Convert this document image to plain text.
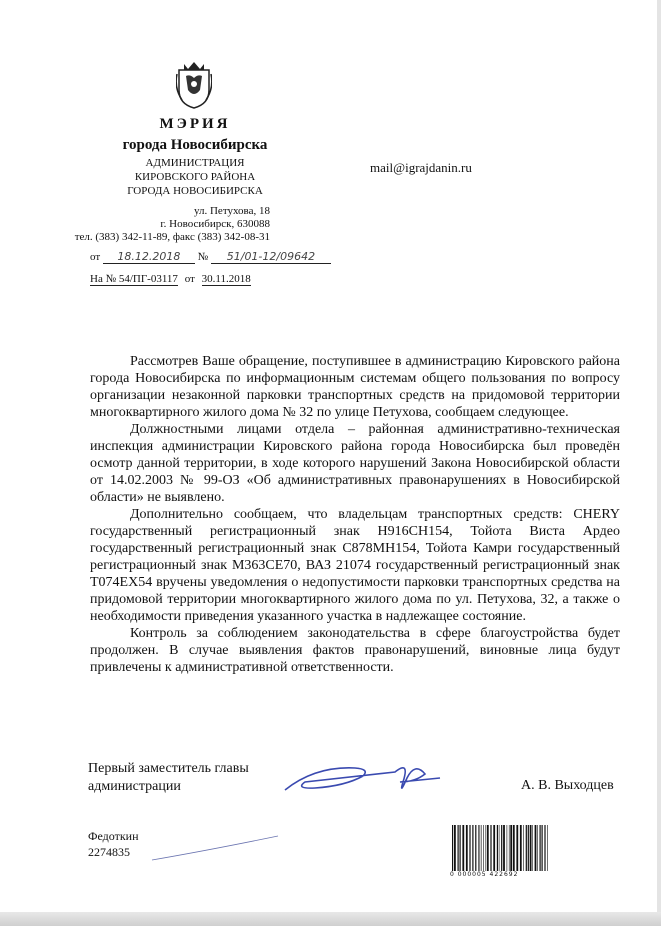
МЭРИЯ
города Новосибирска
АДМИНИСТРАЦИЯ
КИРОВСКОГО РАЙОНА
ГОРОДА НОВОСИБИРСКА
ул. Петухова, 18
г. Новосибирск, 630088
тел. (383) 342-11-89, факс (383) 342-08-31
от 18.12.2018 № 51/01-12/09642
На № 54/ПГ-03117 от 30.11.2018
mail@igrajdanin.ru

Рассмотрев Ваше обращение, поступившее в администрацию Кировского района города Новосибирска по информационным системам общего пользования по вопросу организации незаконной парковки транспортных средств на придомовой территории многоквартирного жилого дома № 32 по улице Петухова, сообщаем следующее.

Должностными лицами отдела – районная административно-техническая инспекция администрации Кировского района города Новосибирска был проведён осмотр данной территории, в ходе которого нарушений Закона Новосибирской области от 14.02.2003 № 99-ОЗ «Об административных правонарушениях в Новосибирской области» не выявлено.

Дополнительно сообщаем, что владельцам транспортных средств: CHERY государственный регистрационный знак Н916СН154, Тойота Виста Ардео государственный регистрационный знак С878МН154, Тойота Камри государственный регистрационный знак М363СЕ70, ВАЗ 21074 государственный регистрационный знак Т074ЕХ54 вручены уведомления о недопустимости парковки транспортных средства на придомовой территории многоквартирного жилого дома по ул. Петухова, 32, а также о необходимости приведения указанного участка в надлежащее состояние.

Контроль за соблюдением законодательства в сфере благоустройства будет продолжен. В случае выявления фактов правонарушений, виновные лица будут привлечены к административной ответственности.

Первый заместитель главы
администрации	А. В. Выходцев
Федоткин
2274835
0 000005 422692
